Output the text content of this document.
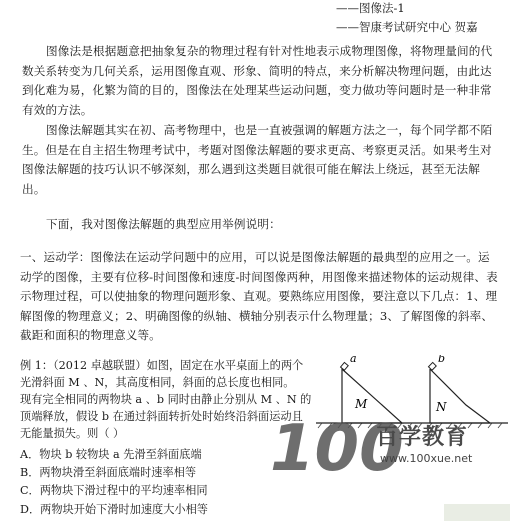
——图像法-1
——智康考试研究中心 贺嘉
图像法是根据题意把抽象复杂的物理过程有针对性地表示成物理图像，将物理量间的代数关系转变为几何关系，运用图像直观、形象、简明的特点，来分析解决物理问题，由此达到化难为易，化繁为简的目的，图像法在处理某些运动问题，变力做功等问题时是一种非常有效的方法。
图像法解题其实在初、高考物理中，也是一直被强调的解题方法之一，每个同学都不陌生。但是在自主招生物理考试中，考题对图像法解题的要求更高、考察更灵活。如果考生对图像法解题的技巧认识不够深刻，那么遇到这类题目就很可能在解法上绕远，甚至无法解出。
下面，我对图像法解题的典型应用举例说明：
一、运动学：图像法在运动学问题中的应用，可以说是图像法解题的最典型的应用之一。运动学的图像，主要有位移-时间图像和速度-时间图像两种，用图像来描述物体的运动规律、表示物理过程，可以使抽象的物理问题形象、直观。要熟练应用图像，要注意以下几点：1、理解图像的物理意义；2、明确图像的纵轴、横轴分别表示什么物理量；3、了解图像的斜率、截距和面积的物理意义等。
例 1：（2012 卓越联盟）如图，固定在水平桌面上的两个
光滑斜面 M 、N，其高度相同，斜面的总长度也相同。
现有完全相同的两物块 a 、b 同时由静止分别从 M 、N 的
顶端释放，假设 b 在通过斜面转折处时始终沿斜面运动且
无能量损失。则（ ）
A．物块 b 较物块 a 先滑至斜面底端
B．两物块滑至斜面底端时速率相等
C．两物块下滑过程中的平均速率相同
D．两物块开始下滑时加速度大小相等
a
M
b
N
100
百学教育
www.100xue.net
